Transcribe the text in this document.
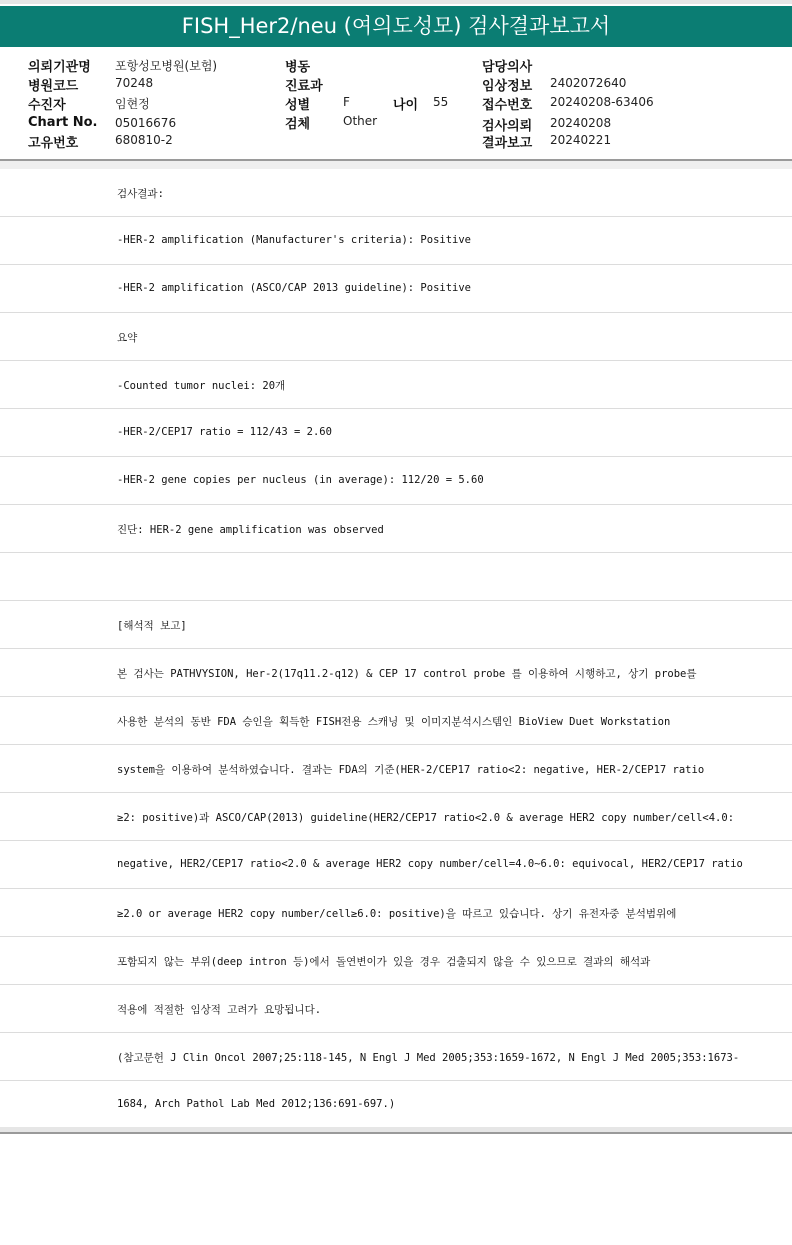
FISH_Her2/neu (여의도성모) 검사결과보고서
의뢰기관명 포항성모병원(보험)
병원코드	70248
수진자	임현정
Chart No. 05016676
고유번호	680810-2
병동
진료과
성별	F	나이 55
검체	Other
담당의사
임상정보 2402072640
접수번호 20240208-63406
검사의뢰 20240208
결과보고 20240221
검사결과:
-HER-2 amplification (Manufacturer's criteria): Positive
-HER-2 amplification (ASCO/CAP 2013 guideline): Positive
요약
-Counted tumor nuclei: 20개
-HER-2/CEP17 ratio = 112/43 = 2.60
-HER-2 gene copies per nucleus (in average): 112/20 = 5.60
진단: HER-2 gene amplification was observed
[해석적 보고]
본 검사는 PATHVYSION, Her-2(17q11.2-q12) & CEP 17 control probe 를 이용하여 시행하고, 상기 probe를
사용한 분석의 동반 FDA 승인을 획득한 FISH전용 스캐닝 및 이미지분석시스템인 BioView Duet Workstation
system을 이용하여 분석하였습니다. 결과는 FDA의 기준(HER-2/CEP17 ratio<2: negative, HER-2/CEP17 ratio
≥2: positive)과 ASCO/CAP(2013) guideline(HER2/CEP17 ratio<2.0 & average HER2 copy number/cell<4.0:
negative, HER2/CEP17 ratio<2.0 & average HER2 copy number/cell=4.0~6.0: equivocal, HER2/CEP17 ratio
≥2.0 or average HER2 copy number/cell≥6.0: positive)을 따르고 있습니다. 상기 유전자중 분석범위에
포함되지 않는 부위(deep intron 등)에서 돌연변이가 있을 경우 검출되지 않을 수 있으므로 결과의 해석과
적용에 적절한 임상적 고려가 요망됩니다.
(참고문헌 J Clin Oncol 2007;25:118-145, N Engl J Med 2005;353:1659-1672, N Engl J Med 2005;353:1673-
1684, Arch Pathol Lab Med 2012;136:691-697.)
